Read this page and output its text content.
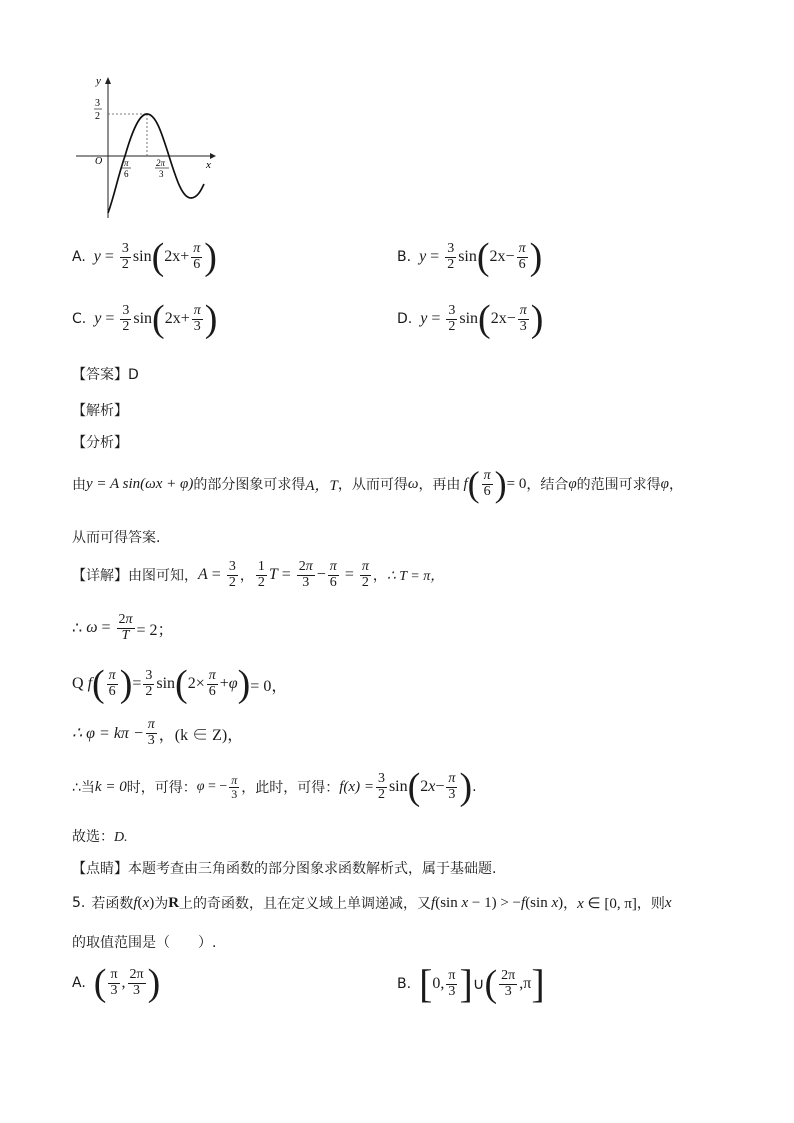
y
x
O
3
2
π
6
2π
3
A. $y = \frac{3}{2}$ sin ( $2x+ \frac{\pi}{6}$ )	B. $y = \frac{3}{2}$ sin ( $2x- \frac{\pi}{6}$ )
C. $y = \frac{3}{2}$ sin ( $2x+ \frac{\pi}{3}$ )	D. $y = \frac{3}{2}$ sin ( $2x- \frac{\pi}{3}$ )
【答案】D
【解析】
【分析】
由 y = A sin(ωx + φ) 的部分图象可求得 A，T ，从而可得 ω ，再由 f ( $\frac{\pi}{6}$ ) = 0 ，结合 φ 的范围可求得 φ ，
从而可得答案.
【详解】 由图可知， $A = \frac{3}{2}$ ， $\frac{1}{2}$ $T = \frac{2\pi}{3} - \frac{\pi}{6} = \frac{\pi}{2}$ ， ∴ T = π，
∴ $\omega = \frac{2\pi}{T} = 2$；
Q f ( $\frac{\pi}{6}$ ) = $\frac{3}{2}$ sin ( $2\times \frac{\pi}{6} + \varphi$ ) = 0，
∴ $\varphi = k\pi - \frac{\pi}{3}$ ，(k ∈ Z)，
∴当 k = 0 时，可得： φ = − $\frac{\pi}{3}$ ，此时，可得： $f(x) = \frac{3}{2}$ sin ( 2 $x - \frac{\pi}{3}$ ) .
故选：D.
【点睛】本题考查由三角函数的部分图象求函数解析式，属于基础题.
5. 若函数 f(x) 为 R 上的奇函数，且在定义域上单调递减，又 f(sin x − 1) > −f(sin x) ， x ∈ [0, π] ，则 x
的取值范围是（　　）.
A. ( $\frac{\pi}{3}$ , $\frac{2\pi}{3}$ )	B. [ 0, $\frac{\pi}{3}$ ] ∪ ( $\frac{2\pi}{3} ,\pi$ ]
